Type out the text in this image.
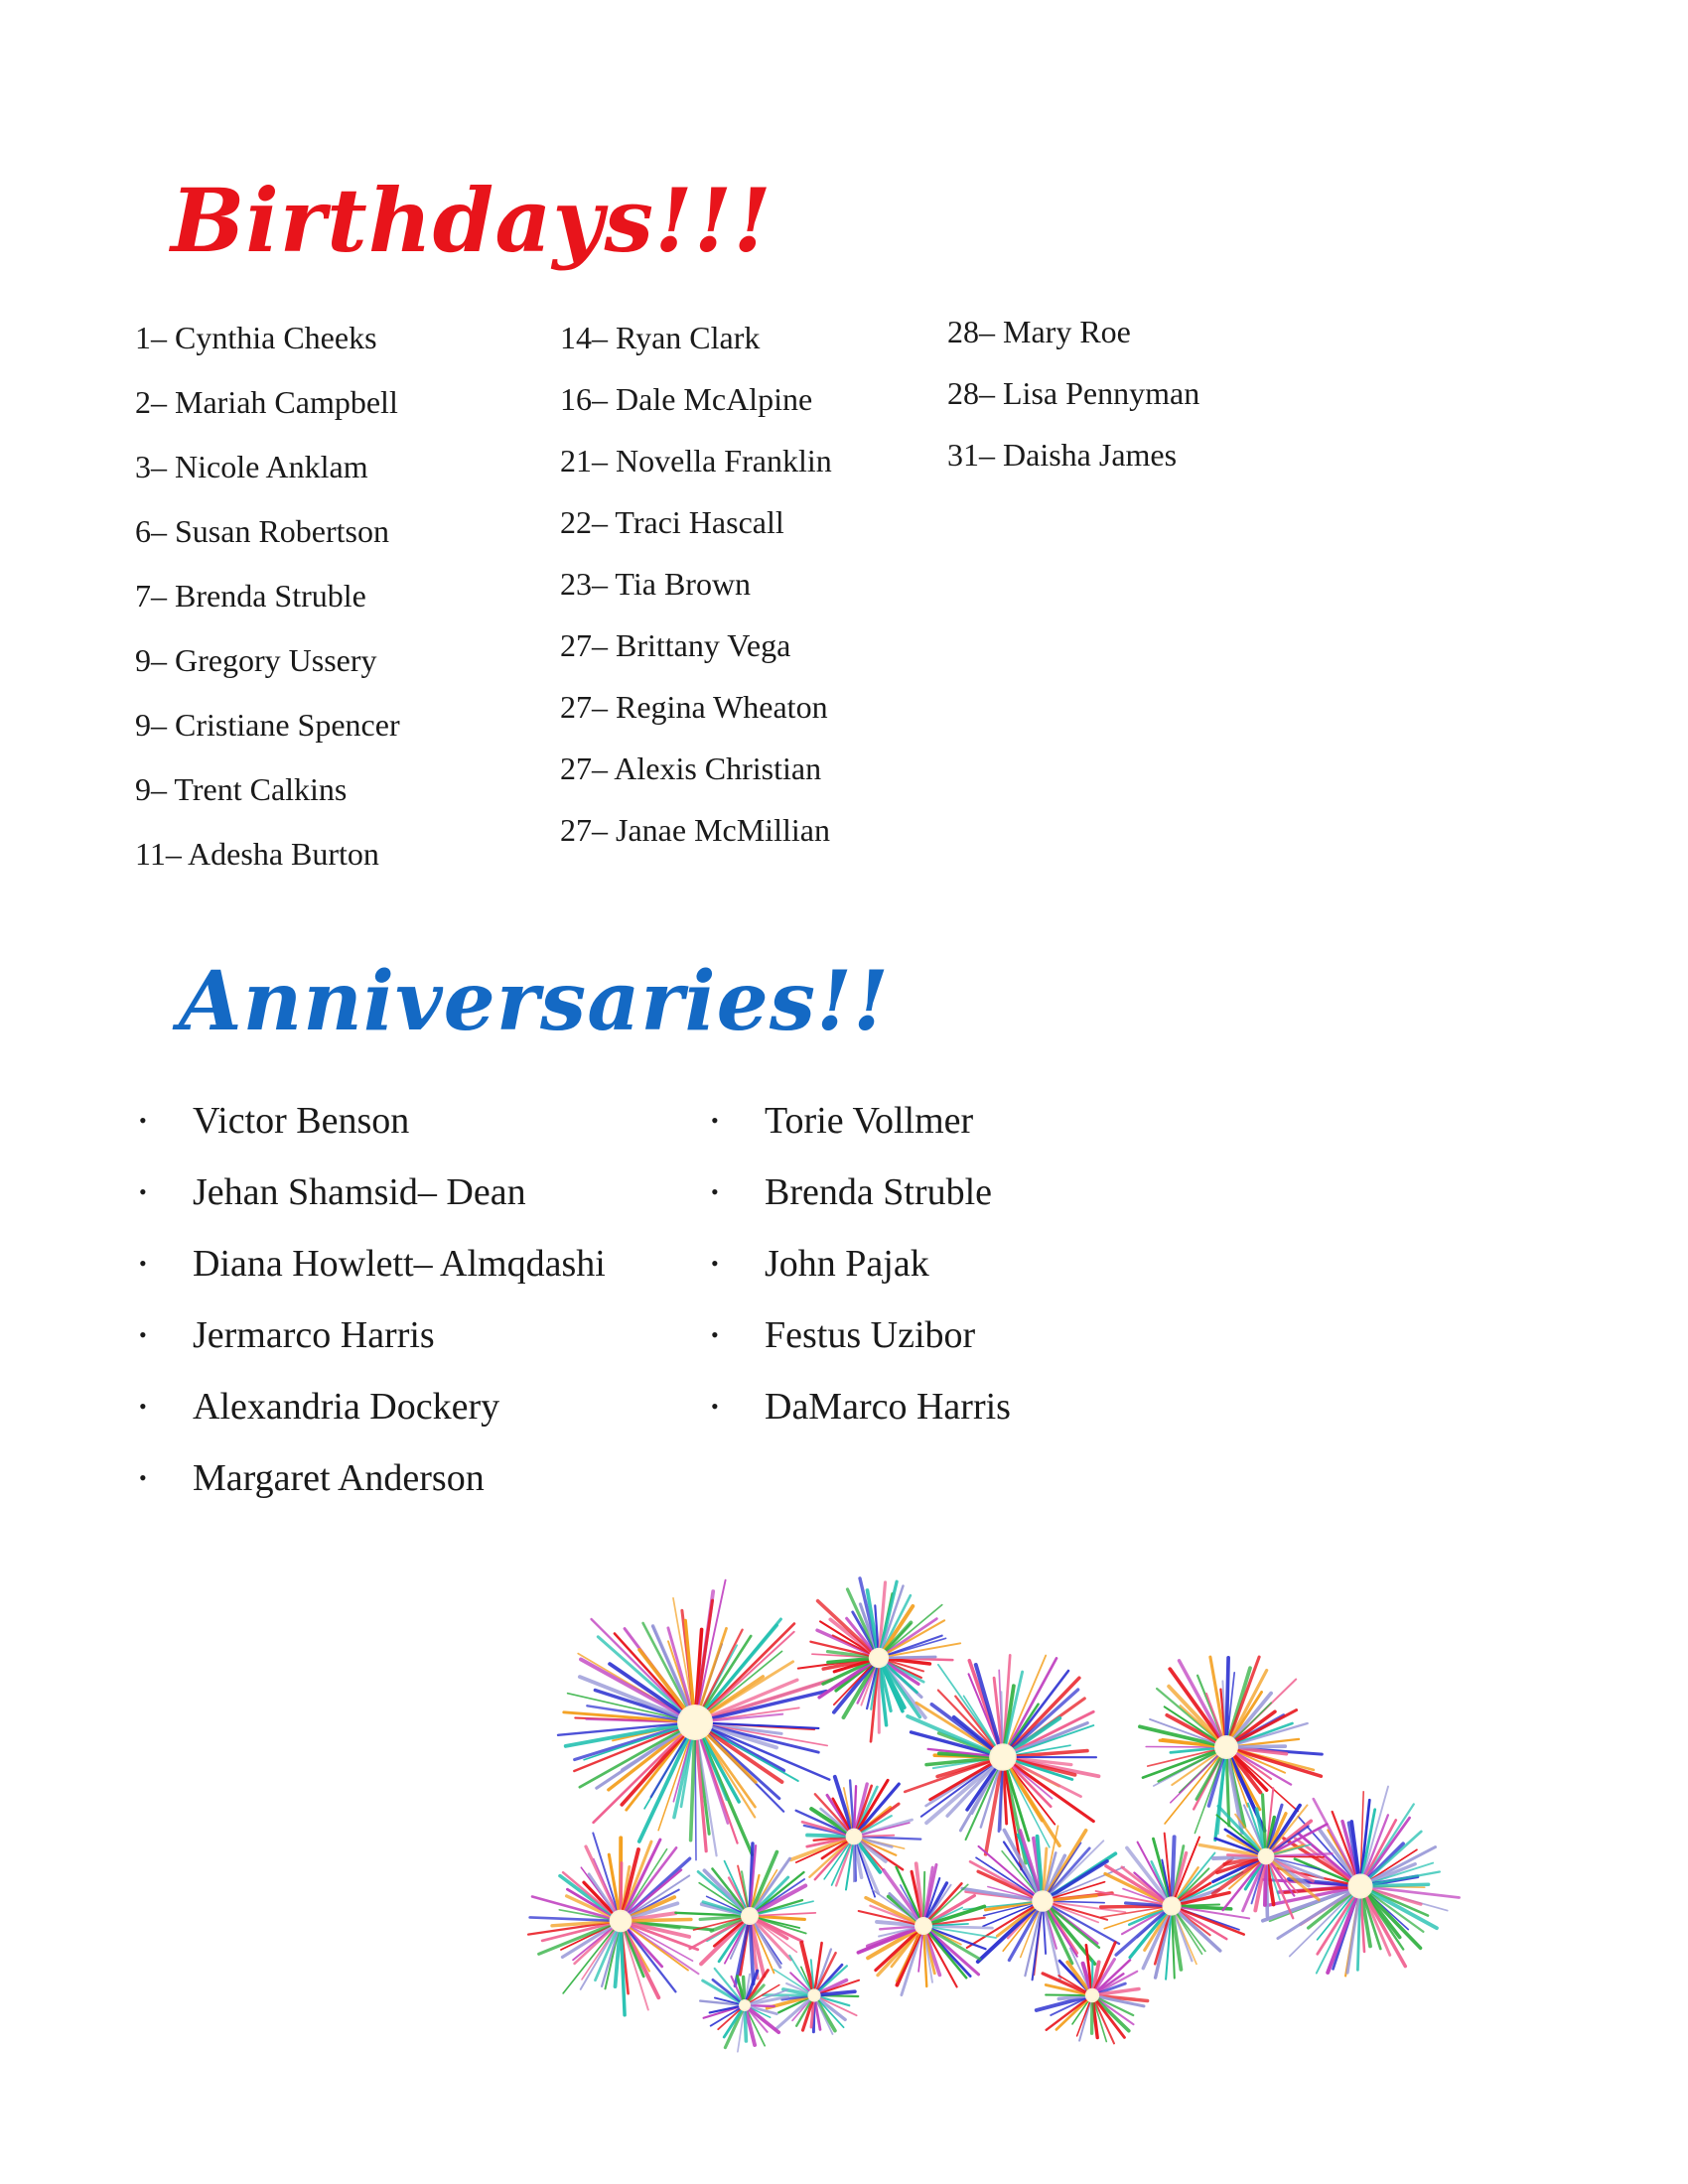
Birthdays!!!
1– Cynthia Cheeks
2– Mariah Campbell
3– Nicole Anklam
6– Susan Robertson
7– Brenda Struble
9– Gregory Ussery
9– Cristiane Spencer
9– Trent Calkins
11– Adesha Burton
14– Ryan Clark
16– Dale McAlpine
21– Novella Franklin
22– Traci Hascall
23– Tia Brown
27– Brittany Vega
27– Regina Wheaton
27– Alexis Christian
27– Janae McMillian
28– Mary Roe
28– Lisa Pennyman
31– Daisha James
Anniversaries!!
• Victor Benson
• Jehan Shamsid– Dean
• Diana Howlett– Almqdashi
• Jermarco Harris
• Alexandria Dockery
• Margaret Anderson
• Torie Vollmer
• Brenda Struble
• John Pajak
• Festus Uzibor
• DaMarco Harris
